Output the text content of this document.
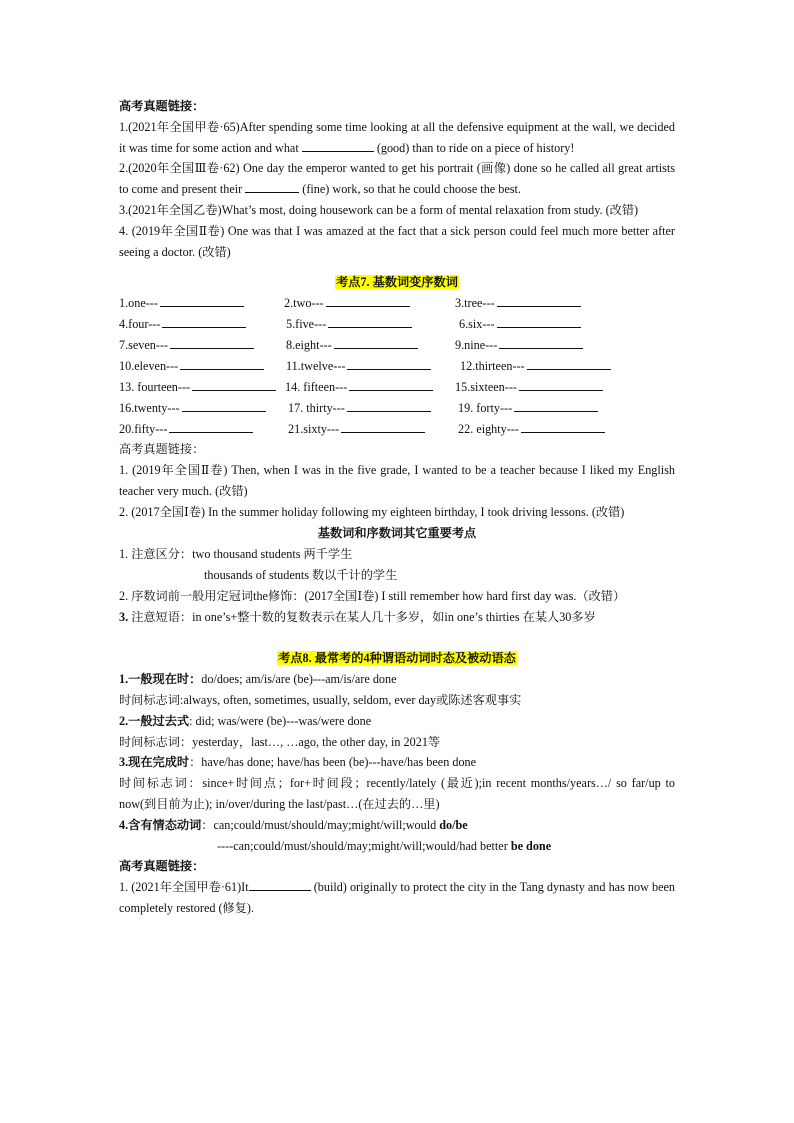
高考真题链接：

1.(2021年全国甲卷·65)After spending some time looking at all the defensive equipment at the wall, we decided it was time for some action and what	(good) than to ride on a piece of history!

2.(2020年全国Ⅲ卷·62) One day the emperor wanted to get his portrait (画像) done so he called all great artists to come and present their	(fine) work, so that he could choose the best.

3.(2021年全国乙卷)What’s most, doing housework can be a form of mental relaxation from study. (改错)

4. (2019年全国Ⅱ卷) One was that I was amazed at the fact that a sick person could feel much more better after seeing a doctor. (改错)

考点7. 基数词变序数词

1.one---	2.two---	3.tree---
4.four---	5.five---	6.six---
7.seven---	8.eight---	9.nine---
10.eleven---	11.twelve---	12.thirteen---
13. fourteen---	14. fifteen---	15.sixteen---
16.twenty---	17. thirty---	19. forty---
20.fifty---	21.sixty---	22. eighty---

高考真题链接：

1. (2019年全国Ⅱ卷) Then, when I was in the five grade, I wanted to be a teacher because I liked my English teacher very much. (改错)

2. (2017全国Ⅰ卷) In the summer holiday following my eighteen birthday, I took driving lessons. (改错)

基数词和序数词其它重要考点

1. 注意区分：two thousand students 两千学生

thousands of students 数以千计的学生

2. 序数词前一般用定冠词the修饰：(2017全国Ⅰ卷) I still remember how hard first day was.（改错）

3. 注意短语：in one’s+整十数的复数表示在某人几十多岁，如in one’s thirties 在某人30多岁

考点8. 最常考的4种谓语动词时态及被动语态

1.一般现在时：do/does; am/is/are (be)---am/is/are done

时间标志词:always, often, sometimes, usually, seldom, ever day或陈述客观事实

2.一般过去式: did; was/were (be)---was/were done

时间标志词：yesterday，last…, …ago, the other day, in 2021等

3.现在完成时：have/has done; have/has been (be)---have/has been done

时间标志词：since+时间点；for+时间段；recently/lately (最近);in recent months/years…/ so far/up to now(到目前为止); in/over/during the last/past…(在过去的…里)

4.含有情态动词：can;could/must/should/may;might/will;would do/be

----can;could/must/should/may;might/will;would/had better be done

高考真题链接：

1. (2021年全国甲卷·61)It	(build) originally to protect the city in the Tang dynasty and has now been completely restored (修复).
